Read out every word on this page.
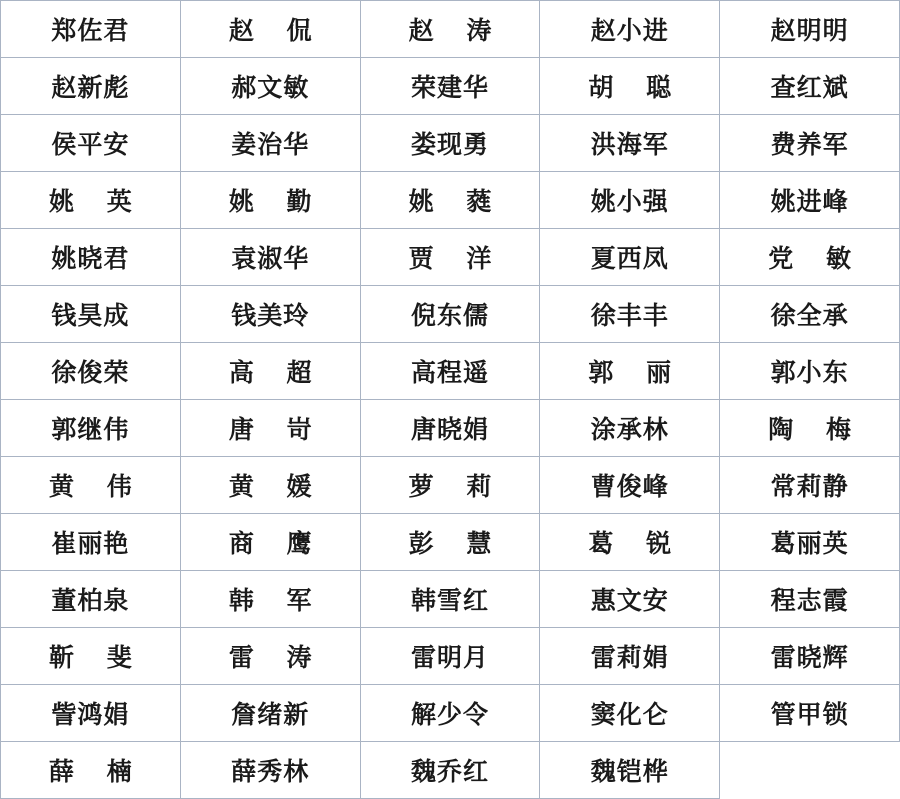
郑佐君	赵 侃	赵 涛	赵小进	赵明明
赵新彪	郝文敏	荣建华	胡 聪	查红斌
侯平安	姜治华	娄现勇	洪海军	费养军
姚 英	姚 勤	姚 蕤	姚小强	姚进峰
姚晓君	袁淑华	贾 洋	夏西凤	党 敏
钱昊成	钱美玲	倪东儒	徐丰丰	徐全承
徐俊荣	高 超	高程遥	郭 丽	郭小东
郭继伟	唐 岢	唐晓娟	涂承林	陶 梅
黄 伟	黄 媛	萝 莉	曹俊峰	常莉静
崔丽艳	商 鹰	彭 慧	葛 锐	葛丽英
董柏泉	韩 军	韩雪红	惠文安	程志霞
靳 斐	雷 涛	雷明月	雷莉娟	雷晓辉
訾鸿娟	詹绪新	解少令	窦化仑	管甲锁
薛 楠	薛秀林	魏乔红	魏铠桦	
